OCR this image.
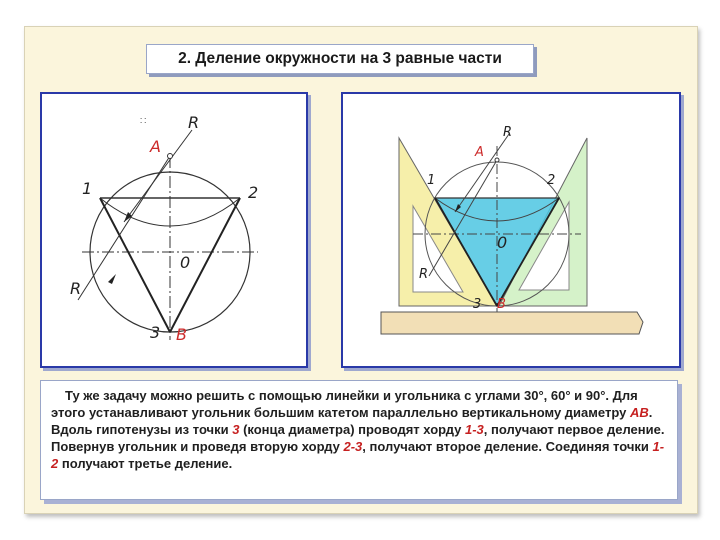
2. Деление окружности на 3 равные части
∷	R
A
1	2
0
R
3 B
R
A
1	2
0
R
3 B

Ту же задачу можно решить с помощью линейки и угольника с углами 30°, 60° и 90°. Для этого устанавливают угольник большим катетом параллельно вертикальному диаметру АВ. Вдоль гипотенузы из точки 3 (конца диаметра) проводят хорду 1-3, получают первое деление. Повернув угольник и проведя вторую хорду 2-3, получают второе деление. Соединяя точки 1-2 получают третье деление.
